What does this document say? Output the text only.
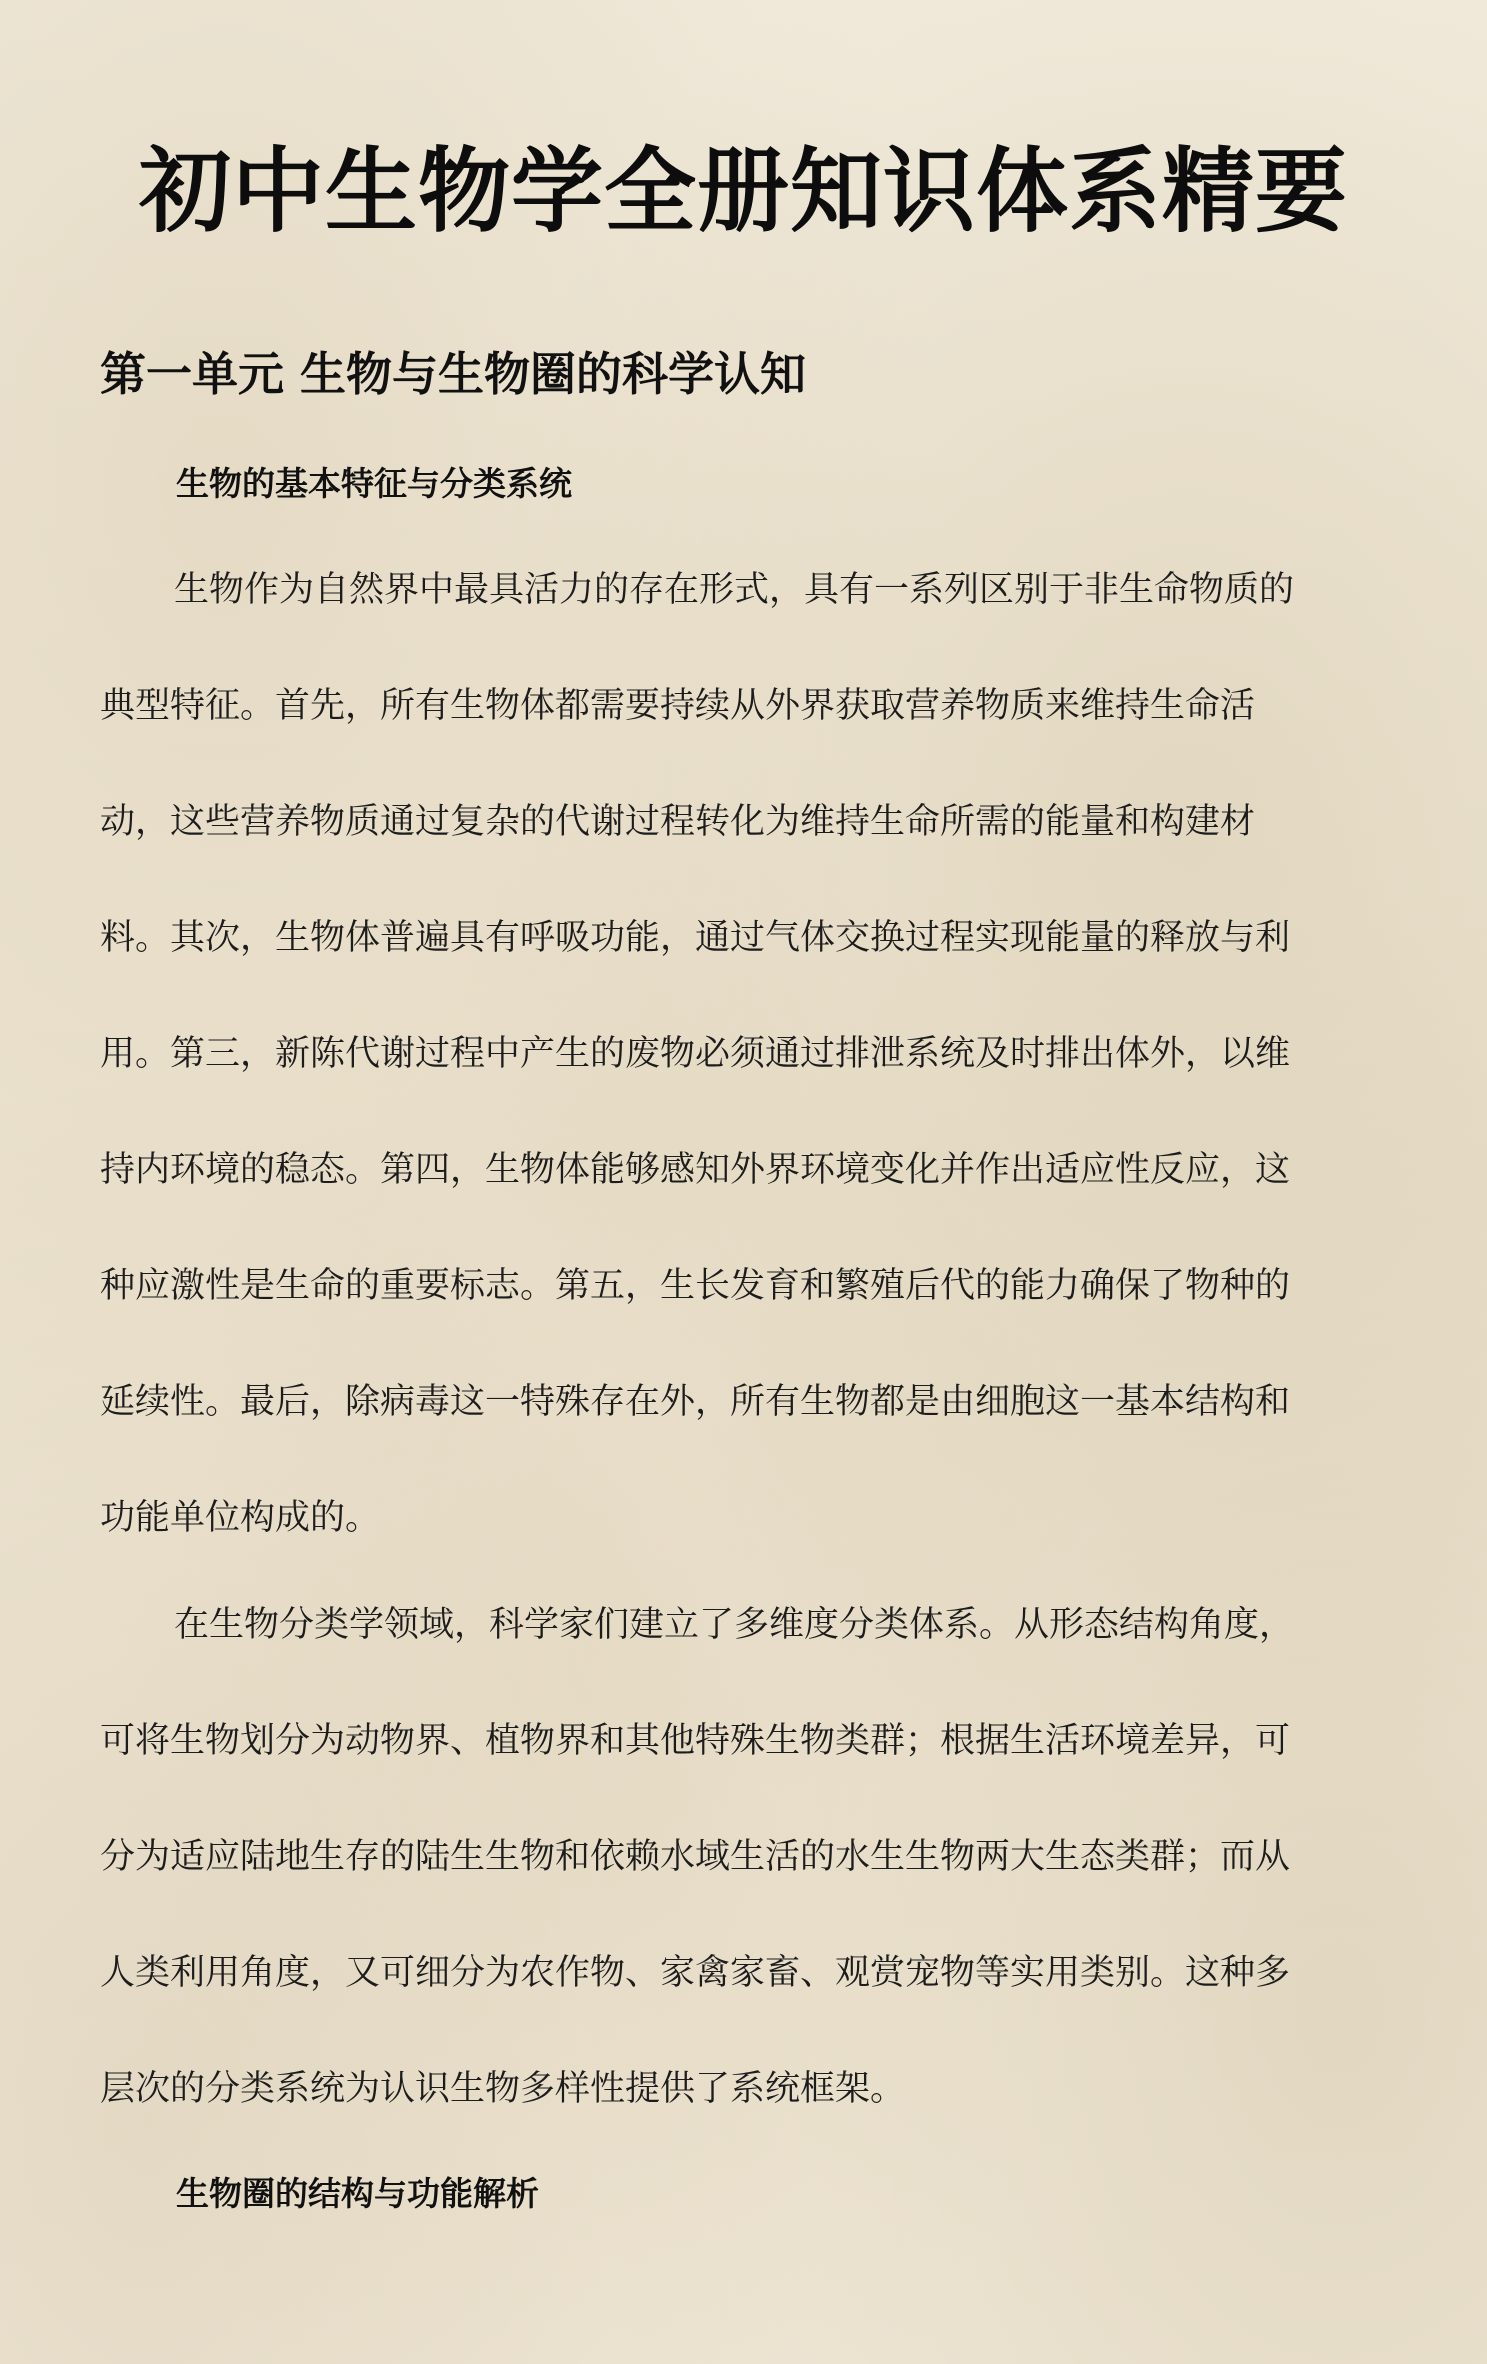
初中生物学全册知识体系精要
第一单元 生物与生物圈的科学认知
生物的基本特征与分类系统
生物作为自然界中最具活力的存在形式，具有一系列区别于非生命物质的
典型特征。首先，所有生物体都需要持续从外界获取营养物质来维持生命活
动，这些营养物质通过复杂的代谢过程转化为维持生命所需的能量和构建材
料。其次，生物体普遍具有呼吸功能，通过气体交换过程实现能量的释放与利
用。第三，新陈代谢过程中产生的废物必须通过排泄系统及时排出体外，以维
持内环境的稳态。第四，生物体能够感知外界环境变化并作出适应性反应，这
种应激性是生命的重要标志。第五，生长发育和繁殖后代的能力确保了物种的
延续性。最后，除病毒这一特殊存在外，所有生物都是由细胞这一基本结构和
功能单位构成的。
在生物分类学领域，科学家们建立了多维度分类体系。从形态结构角度，
可将生物划分为动物界、植物界和其他特殊生物类群；根据生活环境差异，可
分为适应陆地生存的陆生生物和依赖水域生活的水生生物两大生态类群；而从
人类利用角度，又可细分为农作物、家禽家畜、观赏宠物等实用类别。这种多
层次的分类系统为认识生物多样性提供了系统框架。
生物圈的结构与功能解析
